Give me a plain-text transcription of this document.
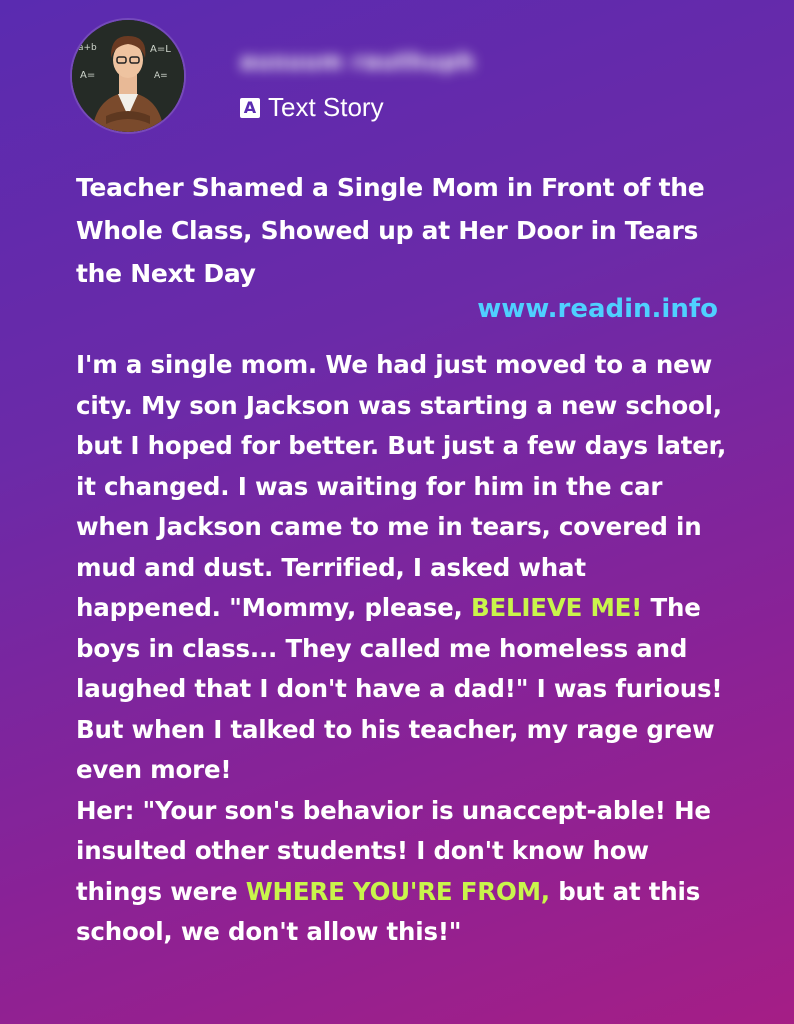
a+b
A=
A=L
A=
ausuum rauthuph
A Text Story
Teacher Shamed a Single Mom in Front of the Whole Class, Showed up at Her Door in Tears the Next Day
www.readin.info
I'm a single mom. We had just moved to a new city. My son Jackson was starting a new school, but I hoped for better. But just a few days later, it changed. I was waiting for him in the car when Jackson came to me in tears, covered in mud and dust. Terrified, I asked what happened. "Mommy, please, BELIEVE ME! The boys in class... They called me homeless and laughed that I don't have a dad!" I was furious! But when I talked to his teacher, my rage grew even more!
Her: "Your son's behavior is unaccept-able! He insulted other students! I don't know how things were WHERE YOU'RE FROM, but at this school, we don't allow this!"
